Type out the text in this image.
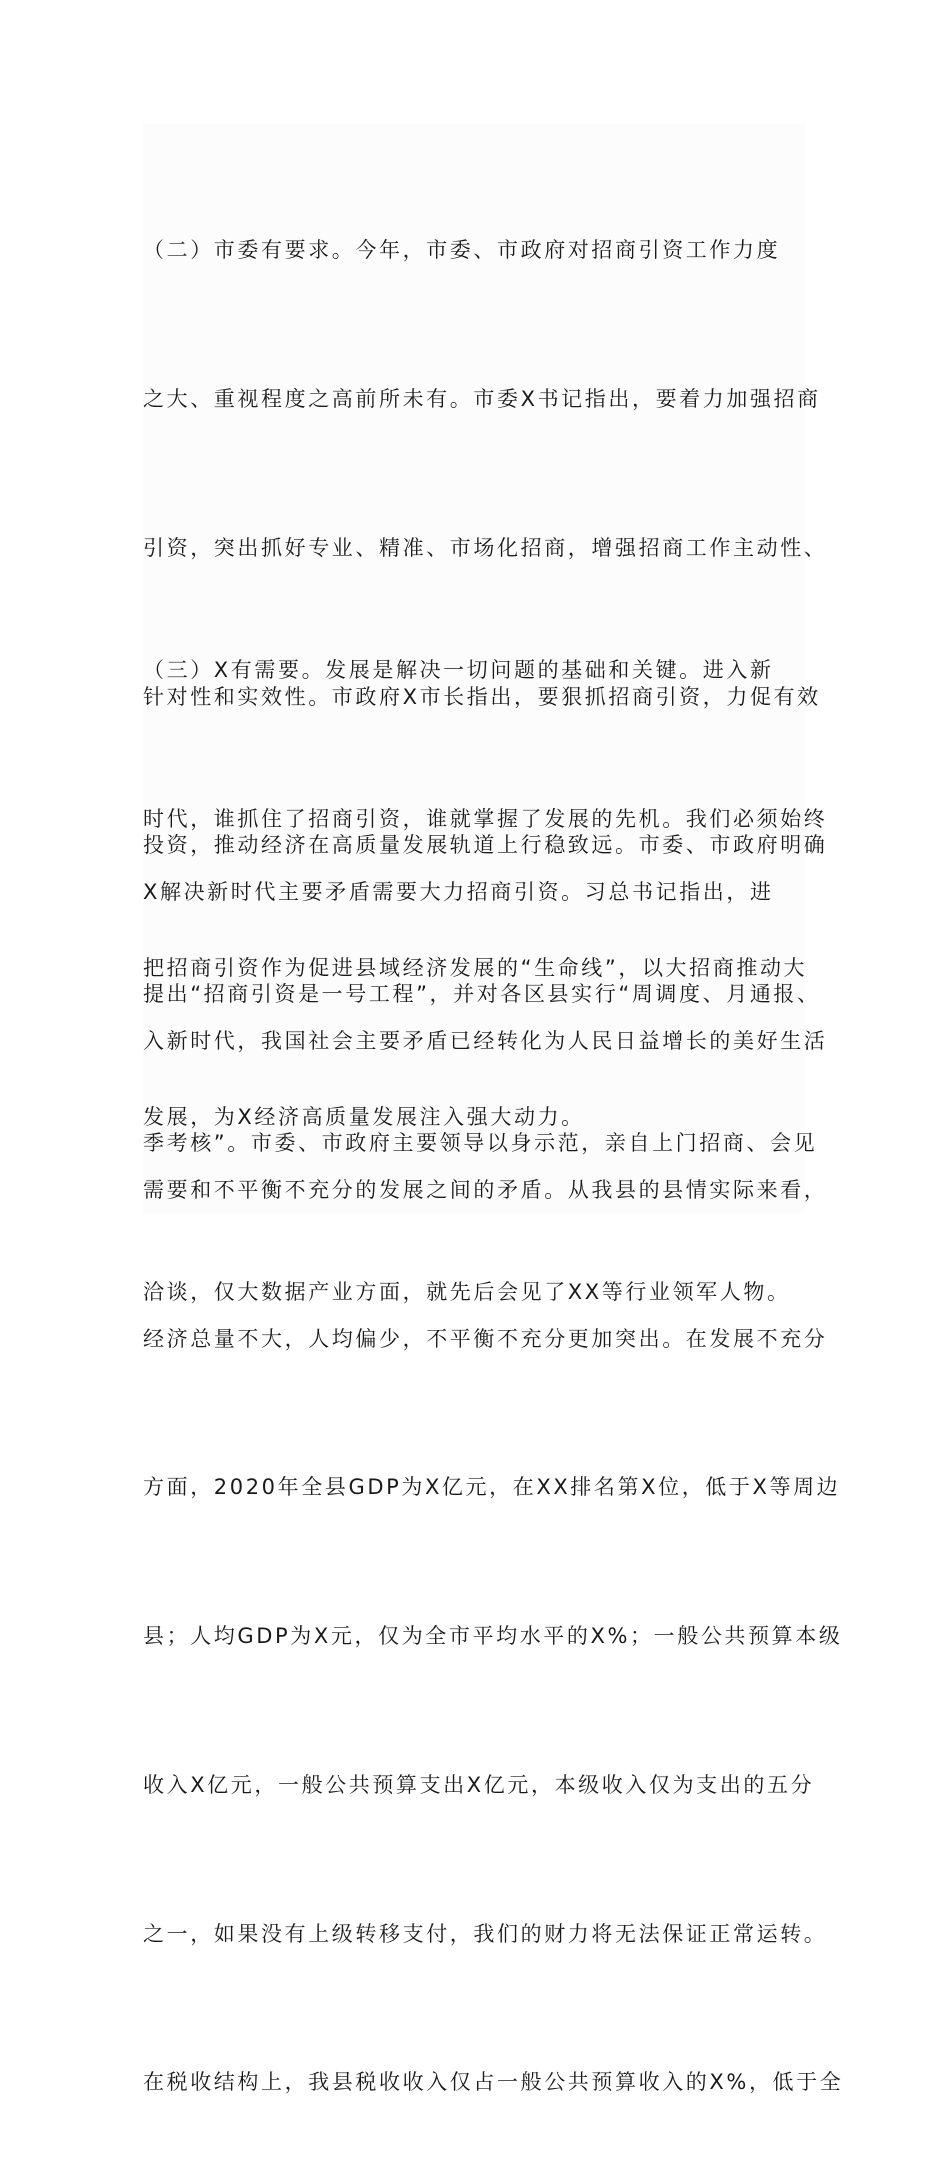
（二）市委有要求。今年，市委、市政府对招商引资工作力度

之大、重视程度之高前所未有。市委X书记指出，要着力加强招商

引资，突出抓好专业、精准、市场化招商，增强招商工作主动性、

针对性和实效性。市政府X市长指出，要狠抓招商引资，力促有效

投资，推动经济在高质量发展轨道上行稳致远。市委、市政府明确

提出“招商引资是一号工程”，并对各区县实行“周调度、月通报、

季考核”。市委、市政府主要领导以身示范，亲自上门招商、会见

洽谈，仅大数据产业方面，就先后会见了XX等行业领军人物。

（三）X有需要。发展是解决一切问题的基础和关键。进入新

时代，谁抓住了招商引资，谁就掌握了发展的先机。我们必须始终

把招商引资作为促进县域经济发展的“生命线”，以大招商推动大

发展，为X经济高质量发展注入强大动力。

X解决新时代主要矛盾需要大力招商引资。习总书记指出，进

入新时代，我国社会主要矛盾已经转化为人民日益增长的美好生活

需要和不平衡不充分的发展之间的矛盾。从我县的县情实际来看，

经济总量不大，人均偏少，不平衡不充分更加突出。在发展不充分

方面，2020年全县GDP为X亿元，在XX排名第X位，低于X等周边

县；人均GDP为X元，仅为全市平均水平的X%；一般公共预算本级

收入X亿元，一般公共预算支出X亿元，本级收入仅为支出的五分

之一，如果没有上级转移支付，我们的财力将无法保证正常运转。

在税收结构上，我县税收收入仅占一般公共预算收入的X%，低于全
